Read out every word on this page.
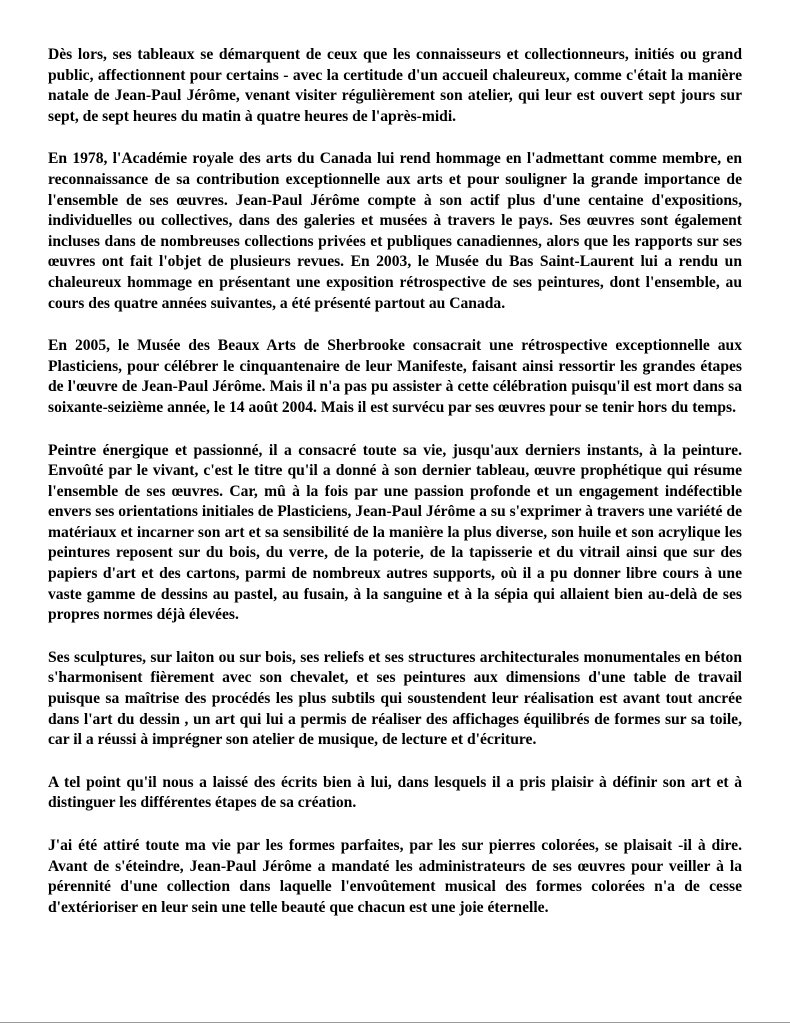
Dès lors, ses tableaux se démarquent de ceux que les connaisseurs et collectionneurs, initiés ou grand public, affectionnent pour certains - avec la certitude d'un accueil chaleureux, comme c'était la manière natale de Jean-Paul Jérôme, venant visiter régulièrement son atelier, qui leur est ouvert sept jours sur sept, de sept heures du matin à quatre heures de l'après-midi.

En 1978, l'Académie royale des arts du Canada lui rend hommage en l'admettant comme membre, en reconnaissance de sa contribution exceptionnelle aux arts et pour souligner la grande importance de l'ensemble de ses œuvres. Jean-Paul Jérôme compte à son actif plus d'une centaine d'expositions, individuelles ou collectives, dans des galeries et musées à travers le pays. Ses œuvres sont également incluses dans de nombreuses collections privées et publiques canadiennes, alors que les rapports sur ses œuvres ont fait l'objet de plusieurs revues. En 2003, le Musée du Bas Saint-Laurent lui a rendu un chaleureux hommage en présentant une exposition rétrospective de ses peintures, dont l'ensemble, au cours des quatre années suivantes, a été présenté partout au Canada.

En 2005, le Musée des Beaux Arts de Sherbrooke consacrait une rétrospective exceptionnelle aux Plasticiens, pour célébrer le cinquantenaire de leur Manifeste, faisant ainsi ressortir les grandes étapes de l'œuvre de Jean-Paul Jérôme. Mais il n'a pas pu assister à cette célébration puisqu'il est mort dans sa soixante-seizième année, le 14 août 2004. Mais il est survécu par ses œuvres pour se tenir hors du temps.

Peintre énergique et passionné, il a consacré toute sa vie, jusqu'aux derniers instants, à la peinture. Envoûté par le vivant, c'est le titre qu'il a donné à son dernier tableau, œuvre prophétique qui résume l'ensemble de ses œuvres. Car, mû à la fois par une passion profonde et un engagement indéfectible envers ses orientations initiales de Plasticiens, Jean-Paul Jérôme a su s'exprimer à travers une variété de matériaux et incarner son art et sa sensibilité de la manière la plus diverse, son huile et son acrylique les peintures reposent sur du bois, du verre, de la poterie, de la tapisserie et du vitrail ainsi que sur des papiers d'art et des cartons, parmi de nombreux autres supports, où il a pu donner libre cours à une vaste gamme de dessins au pastel, au fusain, à la sanguine et à la sépia qui allaient bien au-delà de ses propres normes déjà élevées.

Ses sculptures, sur laiton ou sur bois, ses reliefs et ses structures architecturales monumentales en béton s'harmonisent fièrement avec son chevalet, et ses peintures aux dimensions d'une table de travail puisque sa maîtrise des procédés les plus subtils qui soustendent leur réalisation est avant tout ancrée dans l'art du dessin , un art qui lui a permis de réaliser des affichages équilibrés de formes sur sa toile, car il a réussi à imprégner son atelier de musique, de lecture et d'écriture.

A tel point qu'il nous a laissé des écrits bien à lui, dans lesquels il a pris plaisir à définir son art et à distinguer les différentes étapes de sa création.

J'ai été attiré toute ma vie par les formes parfaites, par les sur pierres colorées, se plaisait -il à dire. Avant de s'éteindre, Jean-Paul Jérôme a mandaté les administrateurs de ses œuvres pour veiller à la pérennité d'une collection dans laquelle l'envoûtement musical des formes colorées n'a de cesse d'extérioriser en leur sein une telle beauté que chacun est une joie éternelle.
